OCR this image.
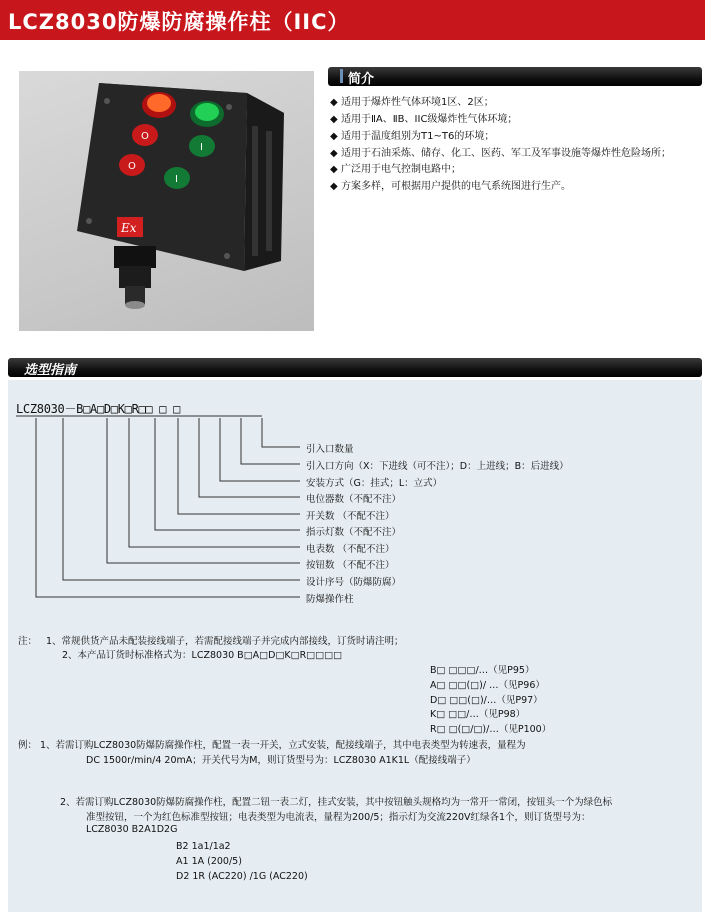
LCZ8030防爆防腐操作柱（IIC）
O
I
O
I
Ex
简介
◆ 适用于爆炸性气体环境1区、2区；
◆ 适用于ⅡA、ⅡB、IIC级爆炸性气体环境；
◆ 适用于温度组别为T1~T6的环境；
◆ 适用于石油采炼、储存、化工、医药、军工及军事设施等爆炸性危险场所；
◆ 广泛用于电气控制电路中；
◆ 方案多样，可根据用户提供的电气系统图进行生产。
选型指南
LCZ8030－B□A□D□K□R□□ □ □
引入口数量
引入口方向（X：下进线（可不注）；D：上进线；B：后进线）
安装方式（G：挂式；L：立式）
电位器数（不配不注）
开关数 （不配不注）
指示灯数（不配不注）
电表数 （不配不注）
按钮数 （不配不注）
设计序号（防爆防腐）
防爆操作柱
注： 1、常规供货产品未配装接线端子，若需配接线端子并完成内部接线，订货时请注明；
2、本产品订货时标准格式为：LCZ8030 B□A□D□K□R□□□□
B□ □□□/…（见P95）
A□ □□(□)/ …（见P96）
D□ □□(□)/…（见P97）
K□ □□/…（见P98）
R□ □(□/□)/…（见P100）
例： 1、若需订购LCZ8030防爆防腐操作柱，配置一表一开关，立式安装，配接线端子，其中电表类型为转速表，量程为
DC 1500r/min/4 20mA；开关代号为M，则订货型号为：LCZ8030 A1K1L（配接线端子）
2、若需订购LCZ8030防爆防腐操作柱，配置二钮一表二灯，挂式安装，其中按钮触头规格均为一常开一常闭，按钮头一个为绿色标
准型按钮，一个为红色标准型按钮；电表类型为电流表，量程为200/5；指示灯为交流220V红绿各1个，则订货型号为：
LCZ8030 B2A1D2G
B2 1a1/1a2
A1 1A (200/5)
D2 1R (AC220) /1G (AC220)
